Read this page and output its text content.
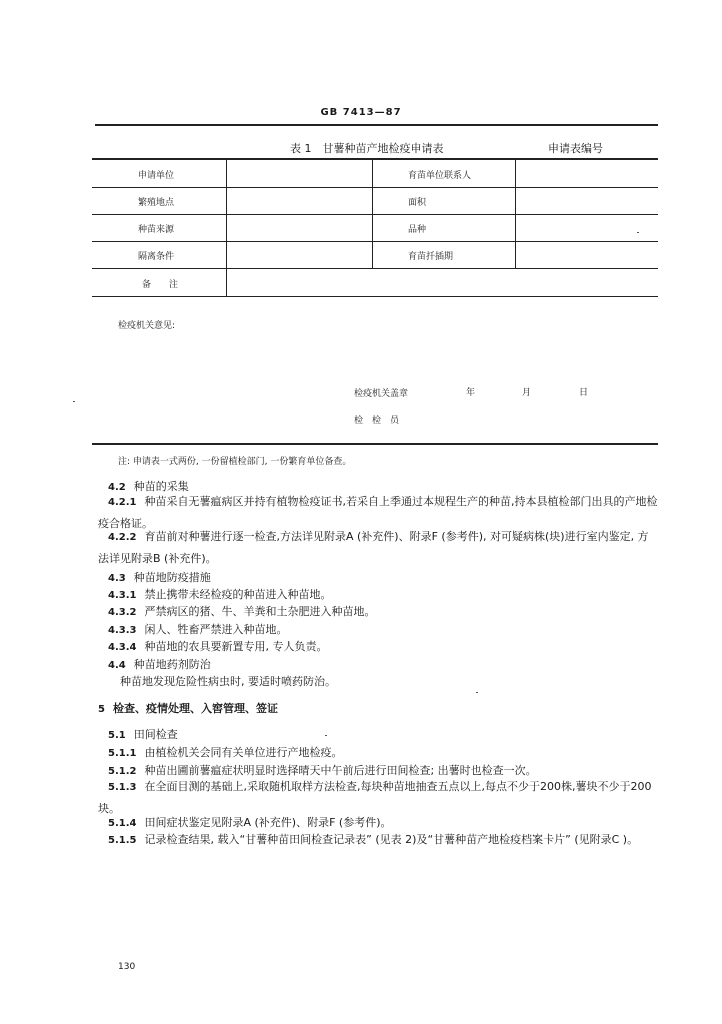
GB 7413—87
表 1　甘薯种苗产地检疫申请表	申请表编号
申请单位	育苗单位联系人
繁殖地点	面积
种苗来源	品种
隔离条件	育苗扦插期
备　　注
检疫机关意见:
检疫机关盖章	年	月	日
检　检　员
注: 申请表一式两份, 一份留植检部门, 一份繁育单位备查。
4.2 种苗的采集
4.2.1 种苗采自无薯瘟病区并持有植物检疫证书,若采自上季通过本规程生产的种苗,持本县植检部门出具的产地检疫合格证。
4.2.2 育苗前对种薯进行逐一检查,方法详见附录A (补充件)、附录F (参考件), 对可疑病株(块)进行室内鉴定, 方法详见附录B (补充件)。
4.3 种苗地防疫措施
4.3.1 禁止携带未经检疫的种苗进入种苗地。
4.3.2 严禁病区的猪、牛、羊粪和土杂肥进入种苗地。
4.3.3 闲人、牲畜严禁进入种苗地。
4.3.4 种苗地的农具要新置专用, 专人负责。
4.4 种苗地药剂防治
种苗地发现危险性病虫时, 要适时喷药防治。
5 检查、疫情处理、入窖管理、签证
5.1 田间检查
5.1.1 由植检机关会同有关单位进行产地检疫。
5.1.2 种苗出圃前薯瘟症状明显时选择晴天中午前后进行田间检查; 出薯时也检查一次。
5.1.3 在全面目测的基础上,采取随机取样方法检查,每块种苗地抽查五点以上,每点不少于200株,薯块不少于200块。
5.1.4 田间症状鉴定见附录A (补充件)、附录F (参考件)。
5.1.5 记录检查结果, 载入“甘薯种苗田间检查记录表” (见表 2)及“甘薯种苗产地检疫档案卡片” (见附录C )。
130
